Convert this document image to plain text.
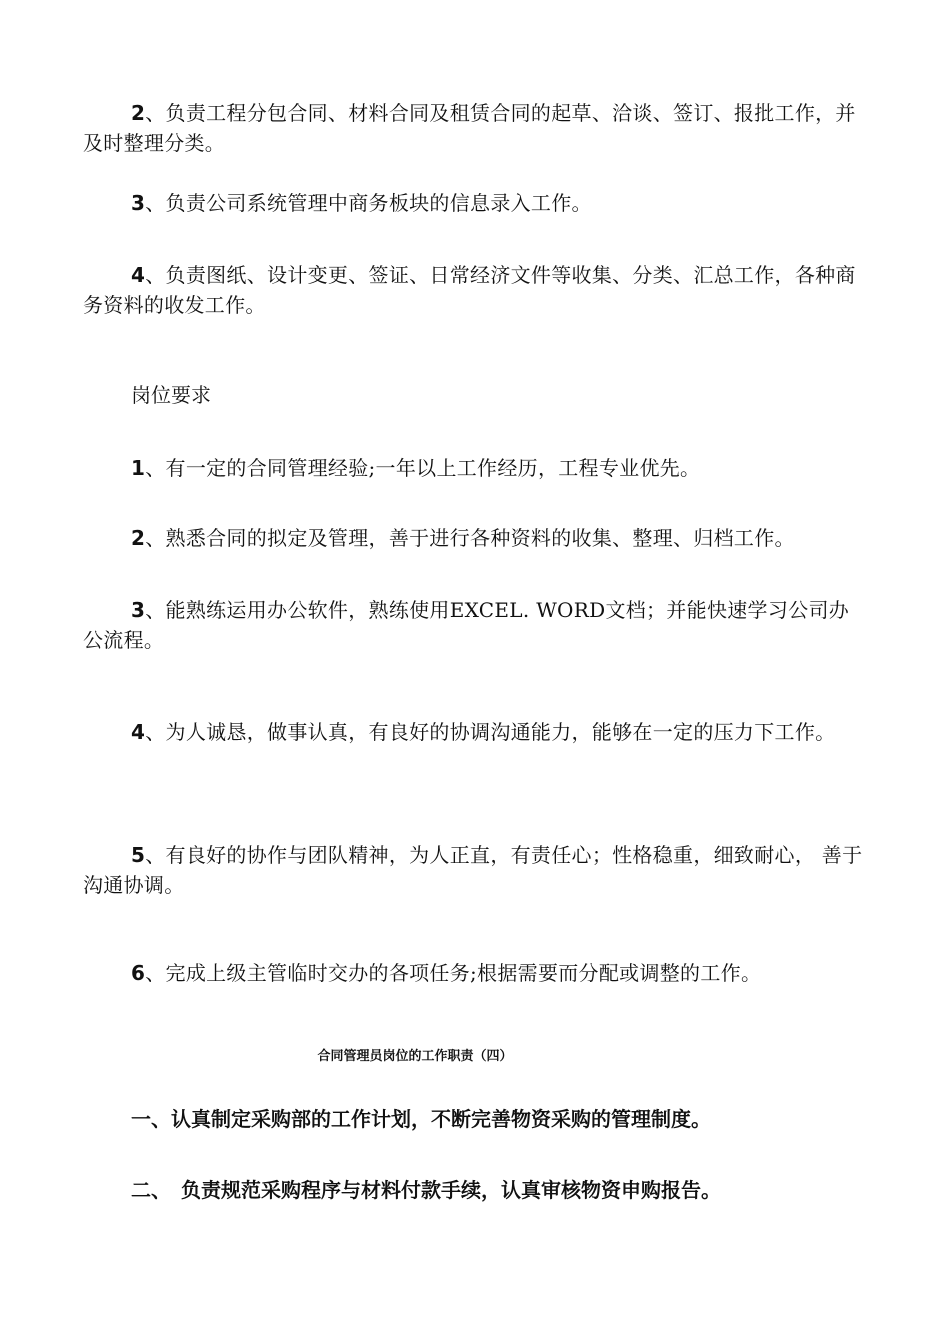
2、负责工程分包合同、材料合同及租赁合同的起草、洽谈、签订、报批工作，并及时整理分类。

3、负责公司系统管理中商务板块的信息录入工作。

4、负责图纸、设计变更、签证、日常经济文件等收集、分类、汇总工作，各种商务资料的收发工作。

岗位要求

1、有一定的合同管理经验;一年以上工作经历，工程专业优先。

2、熟悉合同的拟定及管理，善于进行各种资料的收集、整理、归档工作。

3、能熟练运用办公软件，熟练使用EXCEL. WORD文档；并能快速学习公司办 公流程。

4、为人诚恳，做事认真，有良好的协调沟通能力，能够在一定的压力下工作。

5、有良好的协作与团队精神，为人正直，有责任心；性格稳重，细致耐心， 善于沟通协调。

6、完成上级主管临时交办的各项任务;根据需要而分配或调整的工作。

合同管理员岗位的工作职责（四）

一、认真制定采购部的工作计划，不断完善物资采购的管理制度。

二、　负责规范采购程序与材料付款手续，认真审核物资申购报告。
